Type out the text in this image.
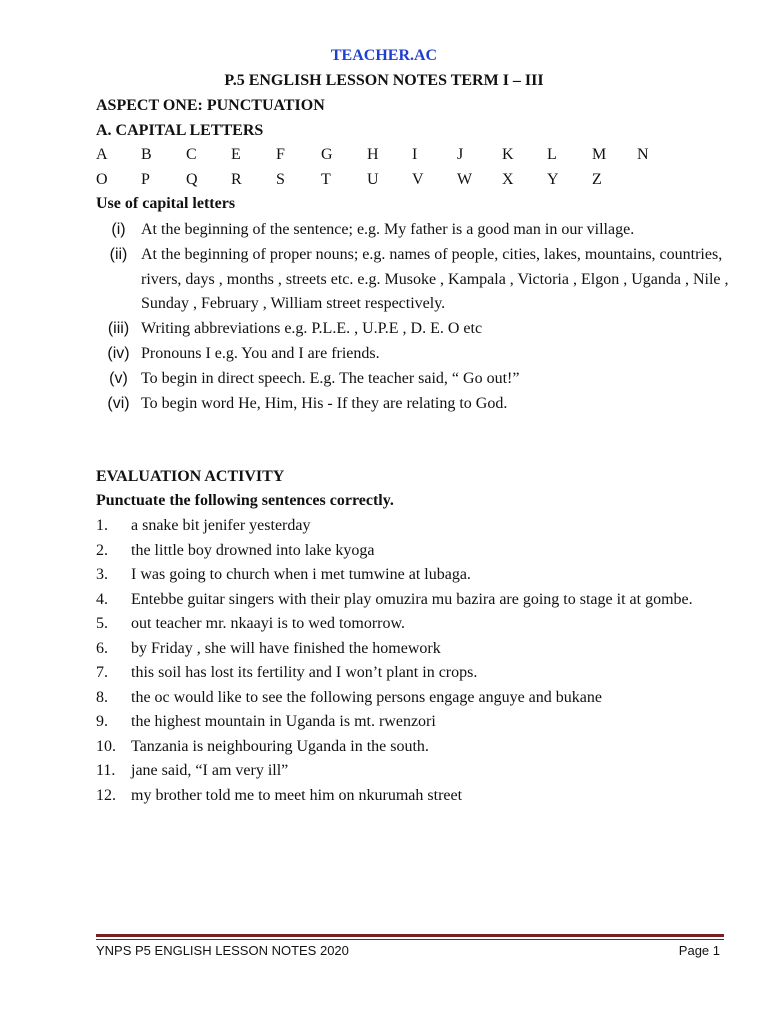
TEACHER.AC
P.5 ENGLISH LESSON NOTES TERM I – III
ASPECT ONE: PUNCTUATION
A. CAPITAL LETTERS
A B C E F G H I J K L M N
O P Q R S T U V W X Y Z
Use of capital letters
(i) At the beginning of the sentence; e.g. My father is a good man in our village.
(ii) At the beginning of proper nouns; e.g. names of people, cities, lakes, mountains, countries, rivers, days , months , streets etc. e.g. Musoke , Kampala , Victoria , Elgon , Uganda , Nile , Sunday , February , William street respectively.
(iii) Writing abbreviations e.g. P.L.E. , U.P.E , D. E. O etc
(iv) Pronouns I e.g. You and I are friends.
(v) To begin in direct speech. E.g. The teacher said, “ Go out!”
(vi) To begin word He, Him, His - If they are relating to God.
EVALUATION ACTIVITY
Punctuate the following sentences correctly.
1.	a snake bit jenifer yesterday
2.	the little boy drowned into lake kyoga
3.	I was going to church when i met tumwine at lubaga.
4.	Entebbe guitar singers with their play omuzira mu bazira are going to stage it at gombe.
5.	out teacher mr. nkaayi is to wed tomorrow.
6.	by Friday , she will have finished the homework
7.	this soil has lost its fertility and I won’t plant in crops.
8.	the oc would like to see the following persons engage anguye and bukane
9.	the highest mountain in Uganda is mt. rwenzori
10. Tanzania is neighbouring Uganda in the south.
11. jane said, “I am very ill”
12. my brother told me to meet him on nkurumah street
YNPS P5 ENGLISH LESSON NOTES 2020	Page 1
